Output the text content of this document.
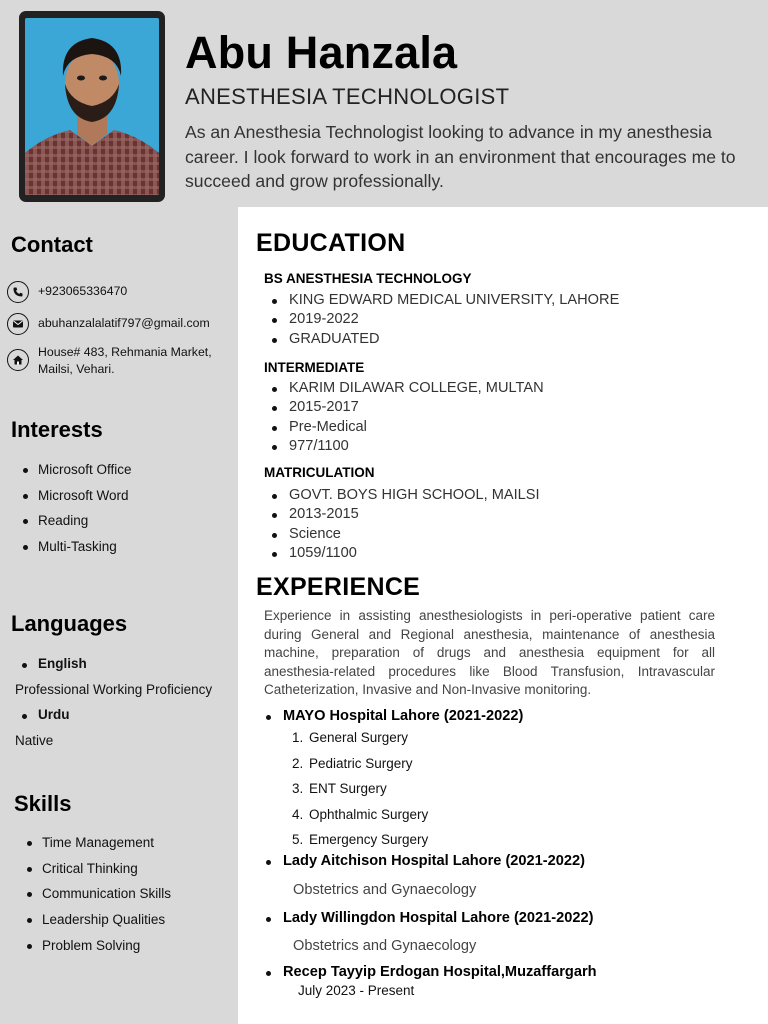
Abu Hanzala
ANESTHESIA TECHNOLOGIST
As an Anesthesia Technologist looking to advance in my anesthesia career. I look forward to work in an environment that encourages me to succeed and grow professionally.
Contact
+923065336470
abuhanzalalatif797@gmail.com
House# 483, Rehmania Market,
Mailsi, Vehari.
Interests
Microsoft Office
Microsoft Word
Reading
Multi-Tasking
Languages
English
Professional Working Proficiency
Urdu
Native
Skills
Time Management
Critical Thinking
Communication Skills
Leadership Qualities
Problem Solving
EDUCATION
BS ANESTHESIA TECHNOLOGY
KING EDWARD MEDICAL UNIVERSITY, LAHORE
2019-2022
GRADUATED
INTERMEDIATE
KARIM DILAWAR COLLEGE, MULTAN
2015-2017
Pre-Medical
977/1100
MATRICULATION
GOVT. BOYS HIGH SCHOOL, MAILSI
2013-2015
Science
1059/1100
EXPERIENCE
Experience in assisting anesthesiologists in peri-operative patient care during General and Regional anesthesia, maintenance of anesthesia machine, preparation of drugs and anesthesia equipment for all anesthesia-related procedures like Blood Transfusion, Intravascular Catheterization, Invasive and Non-Invasive monitoring.
MAYO Hospital Lahore (2021-2022)
1. General Surgery
2. Pediatric Surgery
3. ENT Surgery
4. Ophthalmic Surgery
5. Emergency Surgery
Lady Aitchison Hospital Lahore (2021-2022)
Obstetrics and Gynaecology
Lady Willingdon Hospital Lahore (2021-2022)
Obstetrics and Gynaecology
Recep Tayyip Erdogan Hospital,Muzaffargarh
July 2023 - Present
